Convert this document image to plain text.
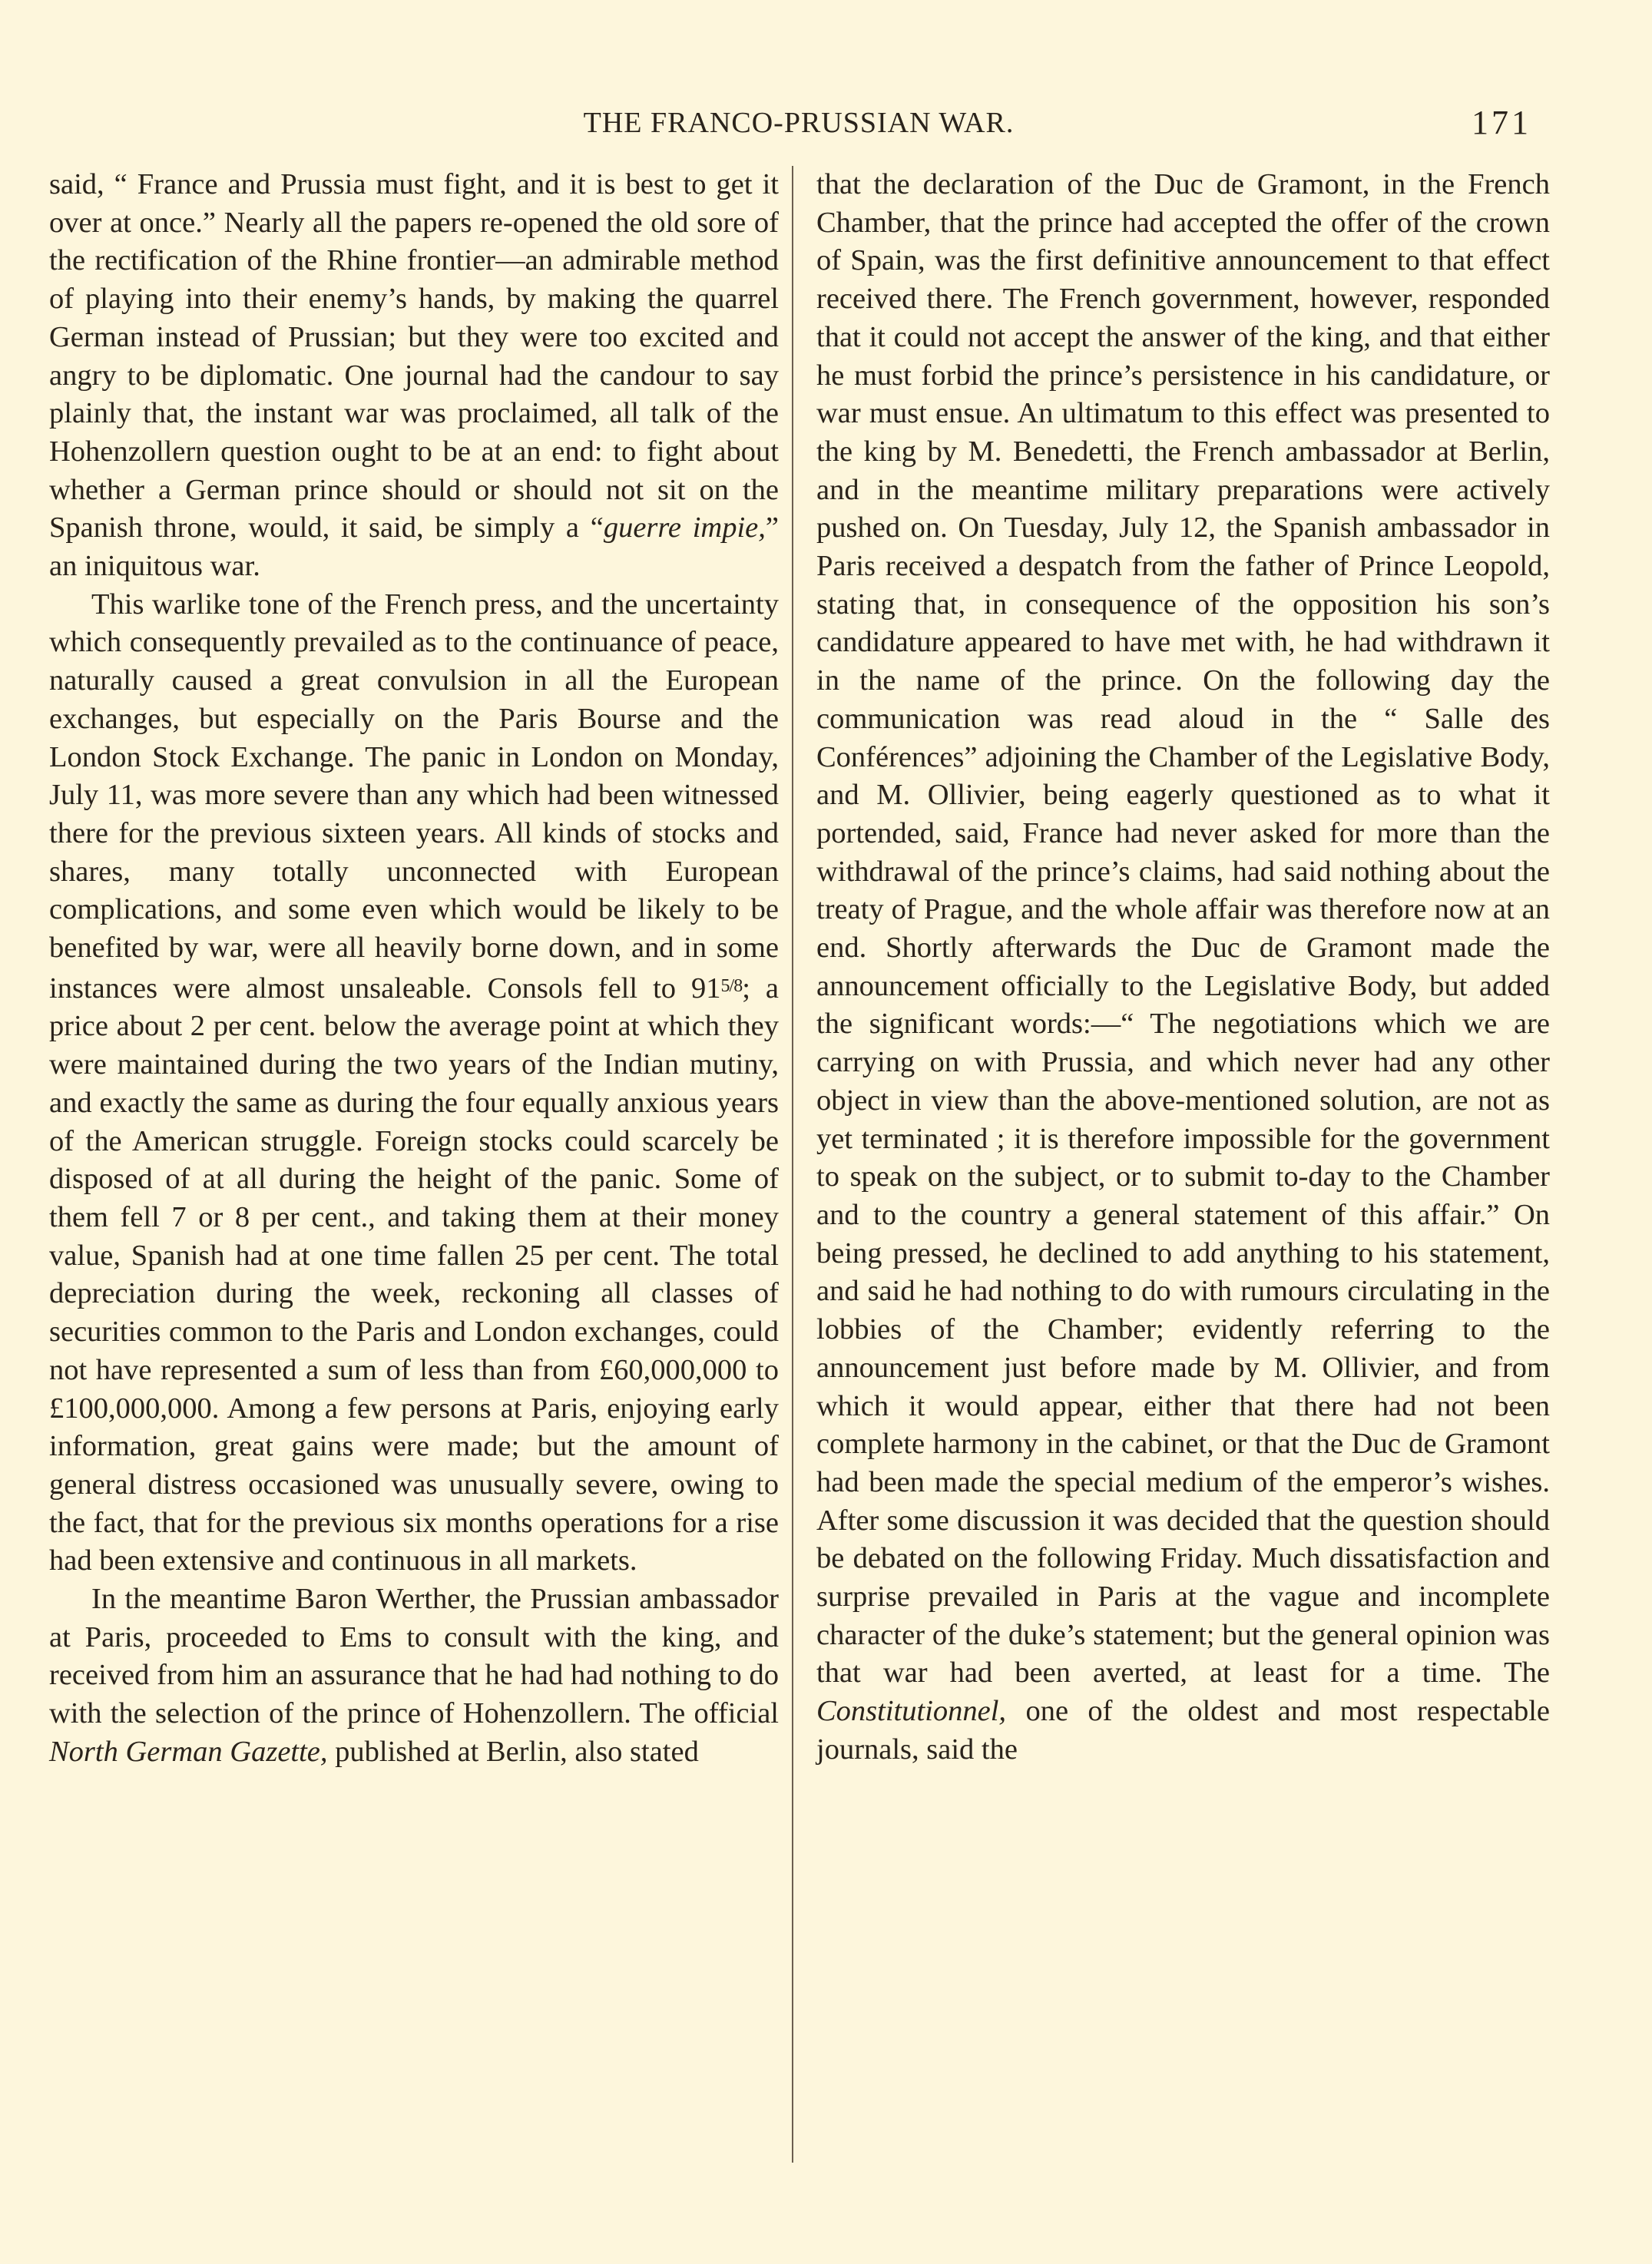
THE FRANCO-PRUSSIAN WAR.	171

said, “ France and Prussia must fight, and it is best to get it over at once.” Nearly all the papers re-opened the old sore of the rectification of the Rhine frontier—an admirable method of playing into their enemy’s hands, by making the quarrel German instead of Prussian; but they were too excited and angry to be diplomatic. One journal had the candour to say plainly that, the instant war was proclaimed, all talk of the Hohenzollern question ought to be at an end: to fight about whether a German prince should or should not sit on the Spanish throne, would, it said, be simply a “guerre impie,” an iniquitous war.

This warlike tone of the French press, and the uncertainty which consequently prevailed as to the continuance of peace, naturally caused a great convulsion in all the European exchanges, but especially on the Paris Bourse and the London Stock Exchange. The panic in London on Monday, July 11, was more severe than any which had been witnessed there for the previous sixteen years. All kinds of stocks and shares, many totally unconnected with European complications, and some even which would be likely to be benefited by war, were all heavily borne down, and in some instances were almost unsaleable. Consols fell to $91^{5/8}$; a price about 2 per cent. below the average point at which they were maintained during the two years of the Indian mutiny, and exactly the same as during the four equally anxious years of the American struggle. Foreign stocks could scarcely be disposed of at all during the height of the panic. Some of them fell 7 or 8 per cent., and taking them at their money value, Spanish had at one time fallen 25 per cent. The total depreciation during the week, reckoning all classes of securities common to the Paris and London exchanges, could not have represented a sum of less than from £60,000,000 to £100,000,000. Among a few persons at Paris, enjoying early information, great gains were made; but the amount of general distress occasioned was unusually severe, owing to the fact, that for the previous six months operations for a rise had been extensive and continuous in all markets.

In the meantime Baron Werther, the Prussian ambassador at Paris, proceeded to Ems to consult with the king, and received from him an assurance that he had had nothing to do with the selection of the prince of Hohenzollern. The official North German Gazette, published at Berlin, also stated

that the declaration of the Duc de Gramont, in the French Chamber, that the prince had accepted the offer of the crown of Spain, was the first definitive announcement to that effect received there. The French government, however, responded that it could not accept the answer of the king, and that either he must forbid the prince’s persistence in his candidature, or war must ensue. An ultimatum to this effect was presented to the king by M. Benedetti, the French ambassador at Berlin, and in the meantime military preparations were actively pushed on. On Tuesday, July 12, the Spanish ambassador in Paris received a despatch from the father of Prince Leopold, stating that, in consequence of the opposition his son’s candidature appeared to have met with, he had withdrawn it in the name of the prince. On the following day the communication was read aloud in the “ Salle des Conférences” adjoining the Chamber of the Legislative Body, and M. Ollivier, being eagerly questioned as to what it portended, said, France had never asked for more than the withdrawal of the prince’s claims, had said nothing about the treaty of Prague, and the whole affair was therefore now at an end. Shortly afterwards the Duc de Gramont made the announcement officially to the Legislative Body, but added the significant words:—“ The negotiations which we are carrying on with Prussia, and which never had any other object in view than the above-mentioned solution, are not as yet terminated ; it is therefore impossible for the government to speak on the subject, or to submit to-day to the Chamber and to the country a general statement of this affair.” On being pressed, he declined to add anything to his statement, and said he had nothing to do with rumours circulating in the lobbies of the Chamber; evidently referring to the announcement just before made by M. Ollivier, and from which it would appear, either that there had not been complete harmony in the cabinet, or that the Duc de Gramont had been made the special medium of the emperor’s wishes. After some discussion it was decided that the question should be debated on the following Friday. Much dissatisfaction and surprise prevailed in Paris at the vague and incomplete character of the duke’s statement; but the general opinion was that war had been averted, at least for a time. The Constitutionnel, one of the oldest and most respectable journals, said the
